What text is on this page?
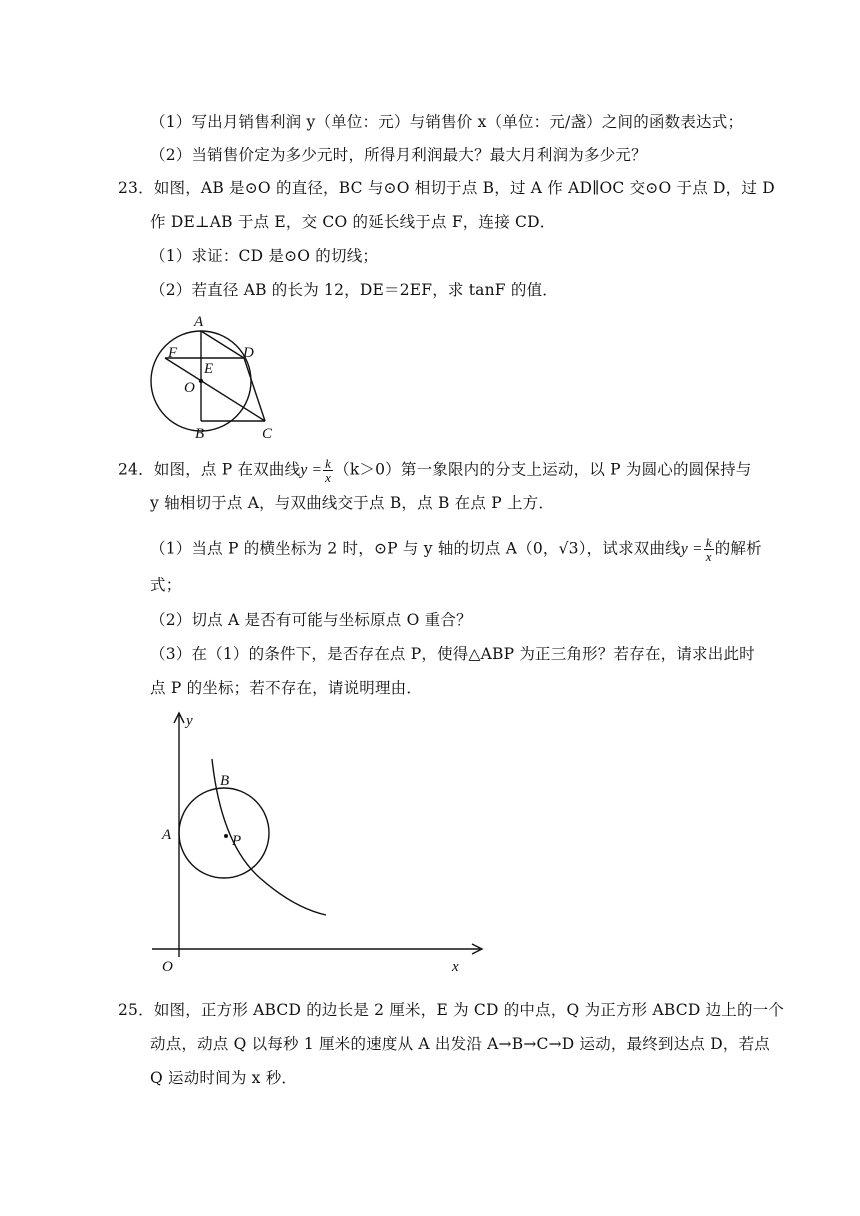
（1）写出月销售利润 y（单位：元）与销售价 x（单位：元/盏）之间的函数表达式；
（2）当销售价定为多少元时，所得月利润最大？最大月利润为多少元？
23．如图，AB 是⊙O 的直径，BC 与⊙O 相切于点 B，过 A 作 AD∥OC 交⊙O 于点 D，过 D
作 DE⊥AB 于点 E，交 CO 的延长线于点 F，连接 CD．
（1）求证：CD 是⊙O 的切线；
（2）若直径 AB 的长为 12，DE＝2EF，求 tanF 的值．
A
B	C
D
E
F
O
24．如图，点 P 在双曲线$y = \frac{k}{x} (k>0)$第一象限内的分支上运动，以 P 为圆心的圆保持与
y 轴相切于点 A，与双曲线交于点 B，点 B 在点 P 上方．
（1）当点 P 的横坐标为 2 时，⊙P 与 y 轴的切点 A（0，√3），试求双曲线$y = \frac{k}{x}$ 的解析
式；
（2）切点 A 是否有可能与坐标原点 O 重合？
（3）在（1）的条件下，是否存在点 P，使得△ABP 为正三角形？若存在，请求出此时
点 P 的坐标；若不存在，请说明理由．
y
x
O
A
B
P
25．如图，正方形 ABCD 的边长是 2 厘米，E 为 CD 的中点，Q 为正方形 ABCD 边上的一个
动点，动点 Q 以每秒 1 厘米的速度从 A 出发沿 A→B→C→D 运动，最终到达点 D，若点
Q 运动时间为 x 秒．
